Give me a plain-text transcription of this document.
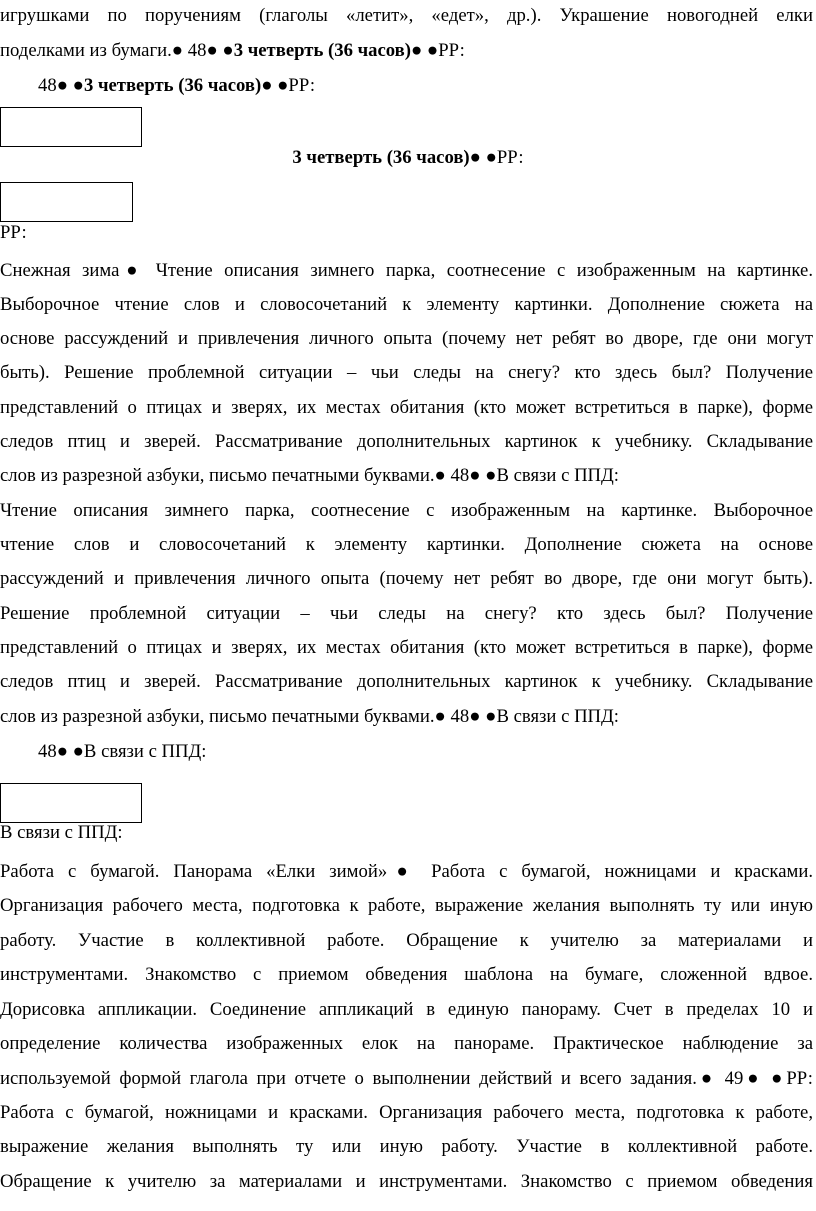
игрушками по поручениям (глаголы «летит», «едет», др.). Украшение новогодней елки
поделками из бумаги.● 48● ●3 четверть (36 часов)● ●РР:
48● ●3 четверть (36 часов)● ●РР:
3 четверть (36 часов)● ●РР:
РР:
Снежная зима● Чтение описания зимнего парка, соотнесение с изображенным на картинке.
Выборочное чтение слов и словосочетаний к элементу картинки. Дополнение сюжета на
основе рассуждений и привлечения личного опыта (почему нет ребят во дворе, где они могут
быть). Решение проблемной ситуации – чьи следы на снегу? кто здесь был? Получение
представлений о птицах и зверях, их местах обитания (кто может встретиться в парке), форме
следов птиц и зверей. Рассматривание дополнительных картинок к учебнику. Складывание
слов из разрезной азбуки, письмо печатными буквами.● 48● ●В связи с ППД:
Чтение описания зимнего парка, соотнесение с изображенным на картинке. Выборочное
чтение слов и словосочетаний к элементу картинки. Дополнение сюжета на основе
рассуждений и привлечения личного опыта (почему нет ребят во дворе, где они могут быть).
Решение проблемной ситуации – чьи следы на снегу? кто здесь был? Получение
представлений о птицах и зверях, их местах обитания (кто может встретиться в парке), форме
следов птиц и зверей. Рассматривание дополнительных картинок к учебнику. Складывание
слов из разрезной азбуки, письмо печатными буквами.● 48● ●В связи с ППД:
48● ●В связи с ППД:
В связи с ППД:
Работа с бумагой. Панорама «Елки зимой»● Работа с бумагой, ножницами и красками.
Организация рабочего места, подготовка к работе, выражение желания выполнять ту или иную
работу. Участие в коллективной работе. Обращение к учителю за материалами и
инструментами. Знакомство с приемом обведения шаблона на бумаге, сложенной вдвое.
Дорисовка аппликации. Соединение аппликаций в единую панораму. Счет в пределах 10 и
определение количества изображенных елок на панораме. Практическое наблюдение за
используемой формой глагола при отчете о выполнении действий и всего задания.● 49● ●РР:
Работа с бумагой, ножницами и красками. Организация рабочего места, подготовка к работе,
выражение желания выполнять ту или иную работу. Участие в коллективной работе.
Обращение к учителю за материалами и инструментами. Знакомство с приемом обведения
